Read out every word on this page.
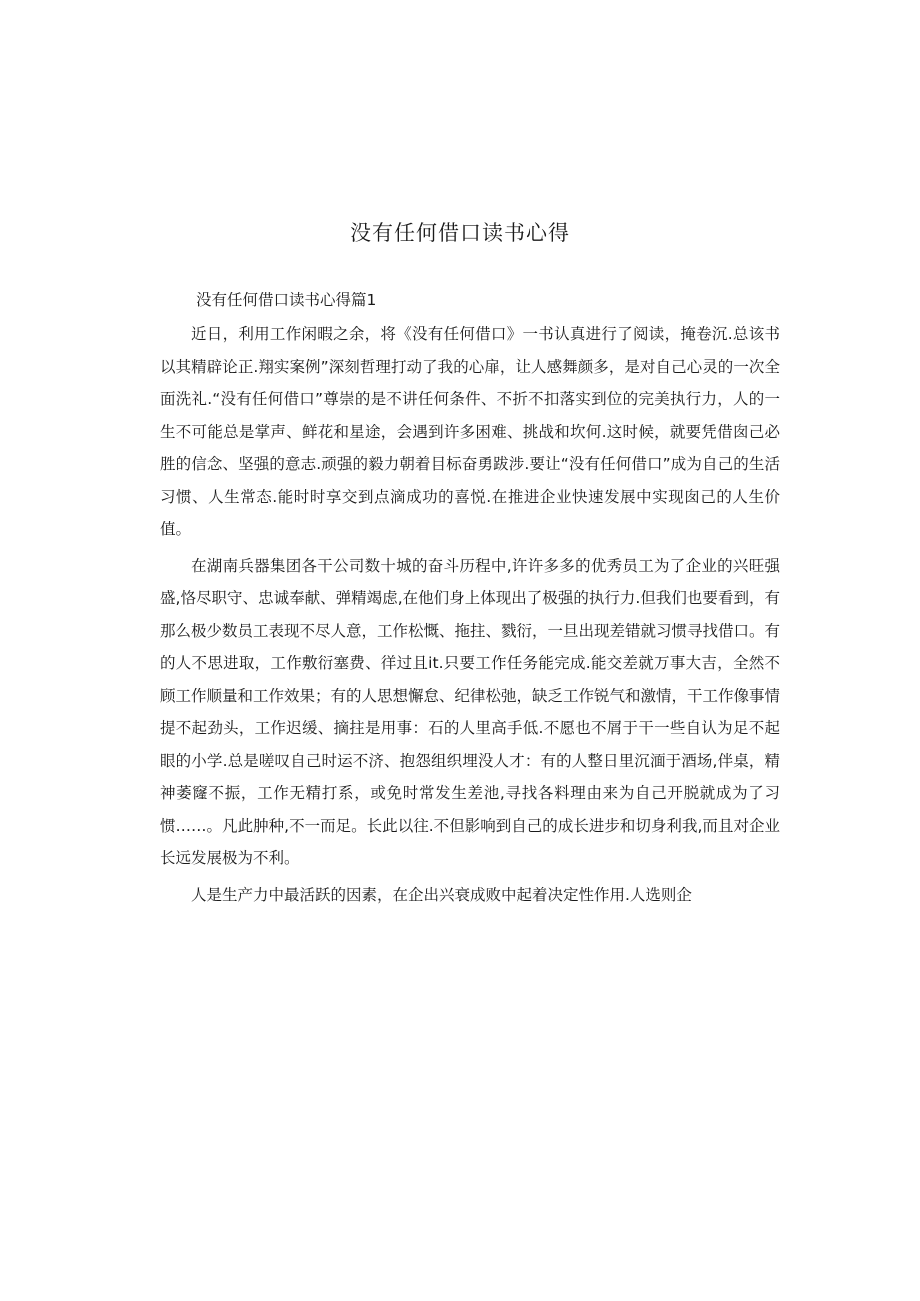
没有任何借口读书心得

没有任何借口读书心得篇1

近日，利用工作闲暇之余，将《没有任何借口》一书认真进行了阅读，掩卷沉.总该书以其精辟论正.翔实案例”深刻哲理打动了我的心扉，让人感舞颜多，是对自己心灵的一次全面洗礼.“没有任何借口”尊崇的是不讲任何条件、不折不扣落实到位的完美执行力，人的一生不可能总是掌声、鲜花和星途，会遇到许多困难、挑战和坎何.这时候，就要凭借囱己必胜的信念、坚强的意志.顽强的毅力朝着目标奋勇跋涉.要让“没有任何借口”成为自己的生活习惯、人生常态.能时时享交到点滴成功的喜悦.在推进企业快速发展中实现囱己的人生价值。

在湖南兵器集团各干公司数十城的奋斗历程中,许许多多的优秀员工为了企业的兴旺强盛,恪尽职守、忠诚奉献、弹精竭虑,在他们身上体现出了极强的执行力.但我们也要看到，有那么极少数员工表现不尽人意，工作松慨、拖拄、戮衍，一旦出现差错就习惯寻找借口。有的人不思进取，工作敷衍塞费、徉过且it.只要工作任务能完成.能交差就万事大吉，全然不顾工作顺量和工作效果；有的人思想懈怠、纪律松弛，缺乏工作锐气和激情，干工作像事情提不起劲头，工作迟缓、摘拄是用事：石的人里高手低.不愿也不屑于干一些自认为足不起眼的小学.总是嗟叹自己时运不济、抱怨组织埋没人才：有的人整日里沉湎于酒场,伴桌，精神萎窿不振，工作无精打系，或免时常发生差池,寻找各料理由来为自己开脱就成为了习惯……。凡此肿种,不一而足。长此以往.不但影响到自己的成长进步和切身利我,而且对企业长远发展极为不利。

人是生产力中最活跃的因素，在企出兴衰成败中起着决定性作用.人选则企
